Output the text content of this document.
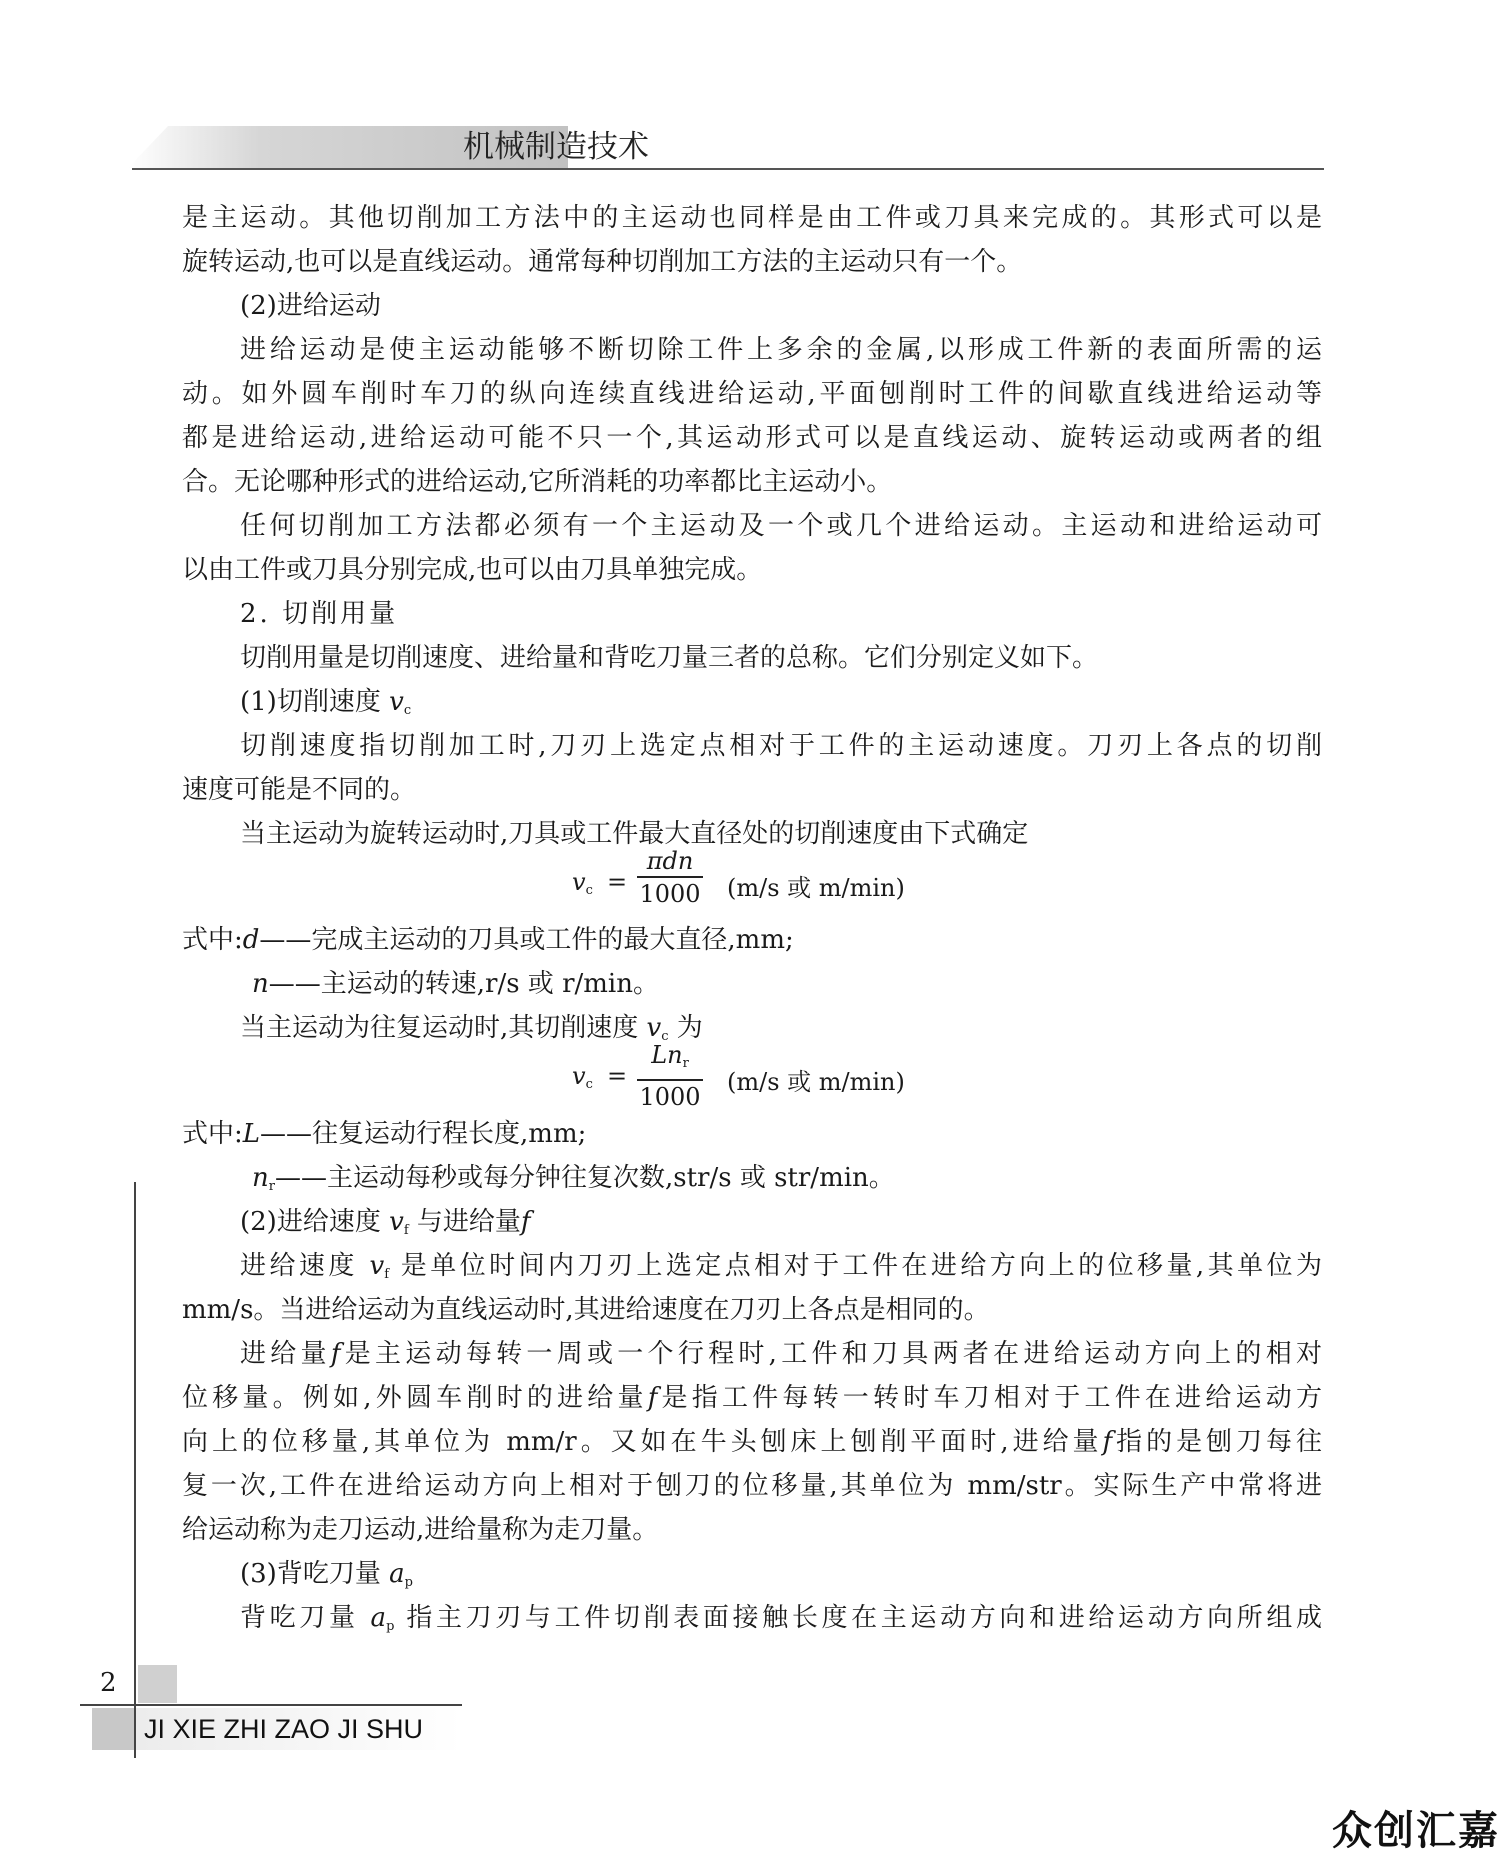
机械制造技术
是主运动。其他切削加工方法中的主运动也同样是由工件或刀具来完成的。其形式可以是
旋转运动,也可以是直线运动。通常每种切削加工方法的主运动只有一个。
(2)进给运动
进给运动是使主运动能够不断切除工件上多余的金属,以形成工件新的表面所需的运
动。如外圆车削时车刀的纵向连续直线进给运动,平面刨削时工件的间歇直线进给运动等
都是进给运动,进给运动可能不只一个,其运动形式可以是直线运动、旋转运动或两者的组
合。无论哪种形式的进给运动,它所消耗的功率都比主运动小。
任何切削加工方法都必须有一个主运动及一个或几个进给运动。主运动和进给运动可
以由工件或刀具分别完成,也可以由刀具单独完成。
2. 切削用量
切削用量是切削速度、进给量和背吃刀量三者的总称。它们分别定义如下。
(1)切削速度 $v_c$
切削速度指切削加工时,刀刃上选定点相对于工件的主运动速度。刀刃上各点的切削
速度可能是不同的。
当主运动为旋转运动时,刀具或工件最大直径处的切削速度由下式确定
$v_c$ =
πdn
1000 (m/s 或 m/min)
式中:d——完成主运动的刀具或工件的最大直径,mm;
n——主运动的转速,r/s 或 r/min。
当主运动为往复运动时,其切削速度 $v_c$ 为
$v_c$ =
$Ln_r$
1000
(m/s 或 m/min)
式中:L——往复运动行程长度,mm;
$n_r——$主运动每秒或每分钟往复次数,str/s 或 str/min。
(2)进给速度 $v_f$ 与进给量f
进给速度 $v_f$ 是单位时间内刀刃上选定点相对于工件在进给方向上的位移量,其单位为
mm/s。当进给运动为直线运动时,其进给速度在刀刃上各点是相同的。
进给量f是主运动每转一周或一个行程时,工件和刀具两者在进给运动方向上的相对
位移量。例如,外圆车削时的进给量f是指工件每转一转时车刀相对于工件在进给运动方
向上的位移量,其单位为 mm/r。又如在牛头刨床上刨削平面时,进给量f指的是刨刀每往
复一次,工件在进给运动方向上相对于刨刀的位移量,其单位为 mm/str。实际生产中常将进
给运动称为走刀运动,进给量称为走刀量。
(3)背吃刀量 $a_p$
背吃刀量 $a_p$ 指主刀刃与工件切削表面接触长度在主运动方向和进给运动方向所组成
2
JI XIE ZHI ZAO JI SHU
众创汇嘉
